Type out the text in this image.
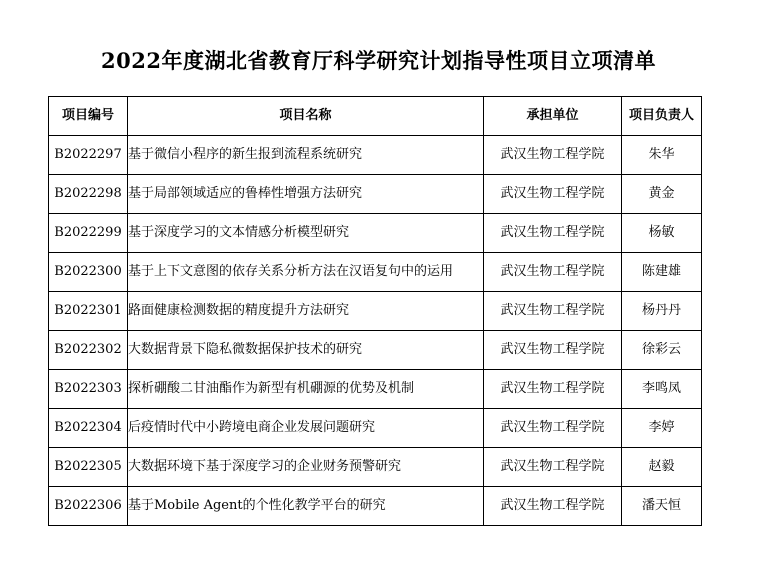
2022年度湖北省教育厅科学研究计划指导性项目立项清单
项目编号	项目名称	承担单位	项目负责人
B2022297	基于微信小程序的新生报到流程系统研究	武汉生物工程学院	朱华
B2022298	基于局部领域适应的鲁棒性增强方法研究	武汉生物工程学院	黄金
B2022299	基于深度学习的文本情感分析模型研究	武汉生物工程学院	杨敏
B2022300	基于上下文意图的依存关系分析方法在汉语复句中的运用	武汉生物工程学院	陈建雄
B2022301	路面健康检测数据的精度提升方法研究	武汉生物工程学院	杨丹丹
B2022302	大数据背景下隐私微数据保护技术的研究	武汉生物工程学院	徐彩云
B2022303	探析硼酸二甘油酯作为新型有机硼源的优势及机制	武汉生物工程学院	李鸣凤
B2022304	后疫情时代中小跨境电商企业发展问题研究	武汉生物工程学院	李婷
B2022305	大数据环境下基于深度学习的企业财务预警研究	武汉生物工程学院	赵毅
B2022306	基于Mobile Agent的个性化教学平台的研究	武汉生物工程学院	潘天恒
